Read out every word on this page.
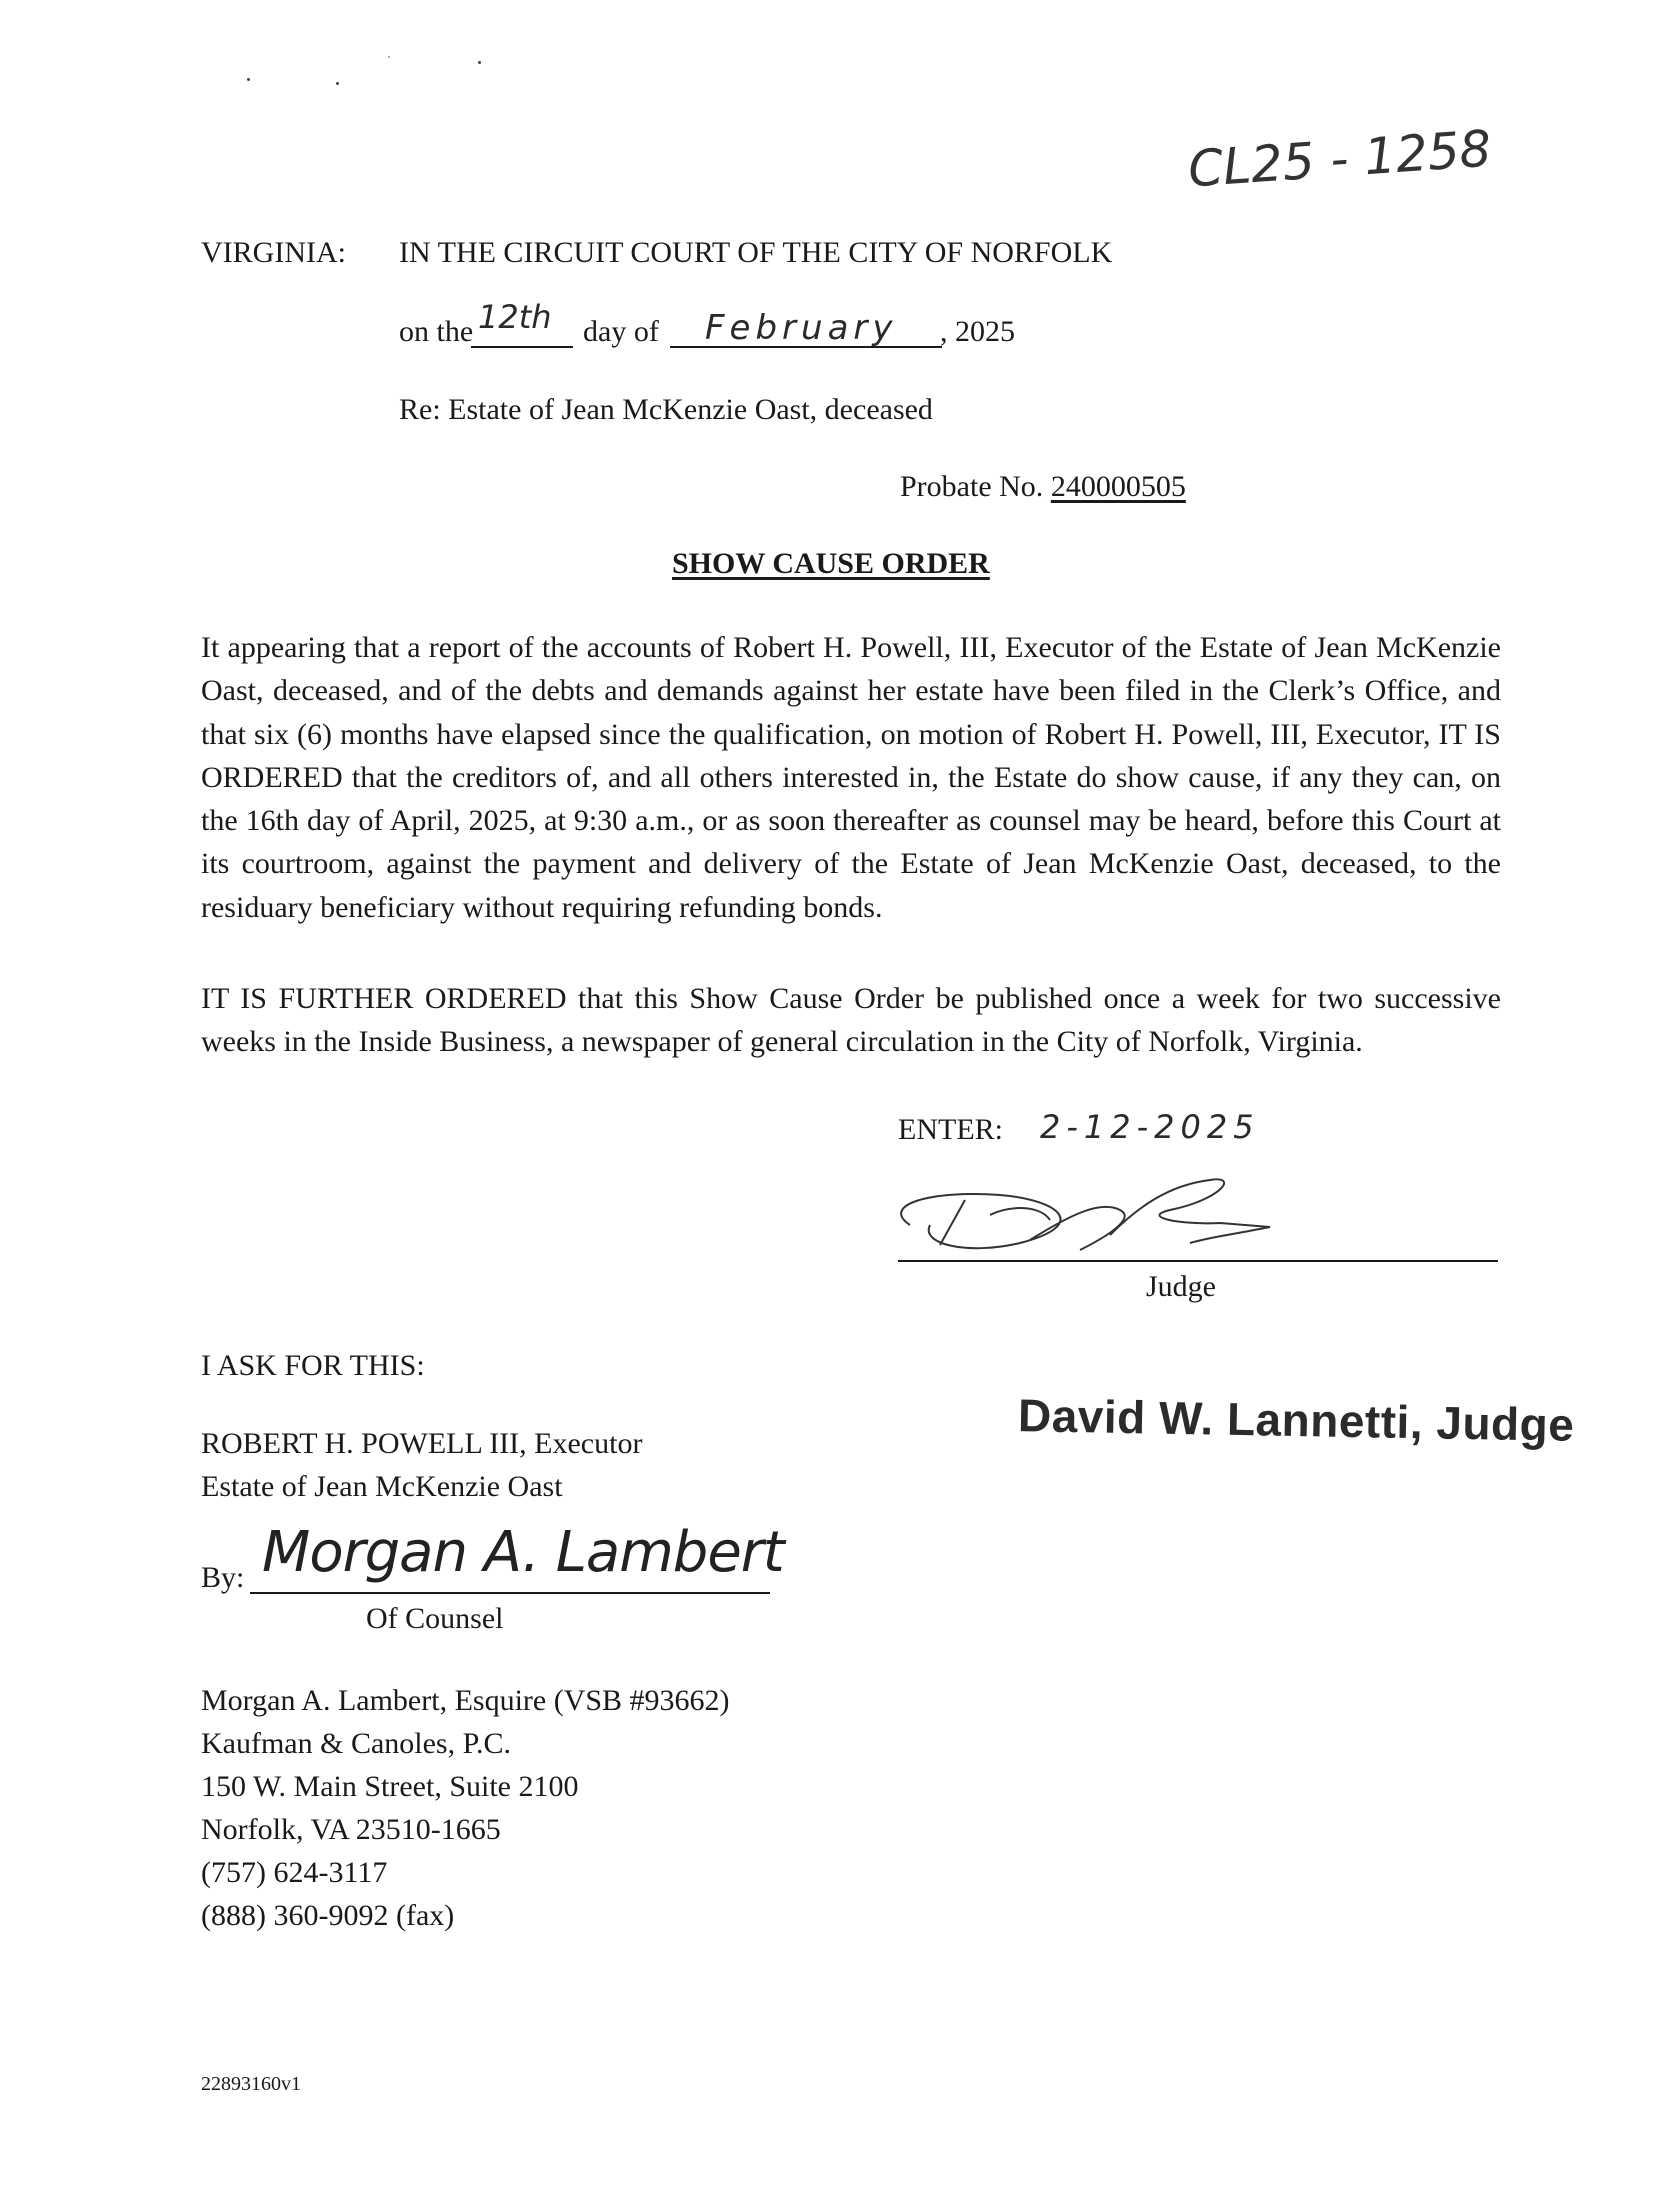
CL25 - 1258
VIRGINIA: IN THE CIRCUIT COURT OF THE CITY OF NORFOLK
on the 12th day of February , 2025
Re: Estate of Jean McKenzie Oast, deceased
Probate No. 240000505
SHOW CAUSE ORDER
It appearing that a report of the accounts of Robert H. Powell, III, Executor of the Estate of Jean McKenzie Oast, deceased, and of the debts and demands against her estate have been filed in the Clerk’s Office, and that six (6) months have elapsed since the qualification, on motion of Robert H. Powell, III, Executor, IT IS ORDERED that the creditors of, and all others interested in, the Estate do show cause, if any they can, on the 16th day of April, 2025, at 9:30 a.m., or as soon thereafter as counsel may be heard, before this Court at its courtroom, against the payment and delivery of the Estate of Jean McKenzie Oast, deceased, to the residuary beneficiary without requiring refunding bonds.
IT IS FURTHER ORDERED that this Show Cause Order be published once a week for two successive weeks in the Inside Business, a newspaper of general circulation in the City of Norfolk, Virginia.
ENTER: 2-12-2025
Judge
David W. Lannetti, Judge
I ASK FOR THIS:
ROBERT H. POWELL III, Executor
Estate of Jean McKenzie Oast
By: Morgan A. Lambert
Of Counsel
Morgan A. Lambert, Esquire (VSB #93662)
Kaufman & Canoles, P.C.
150 W. Main Street, Suite 2100
Norfolk, VA 23510-1665
(757) 624-3117
(888) 360-9092 (fax)
22893160v1
